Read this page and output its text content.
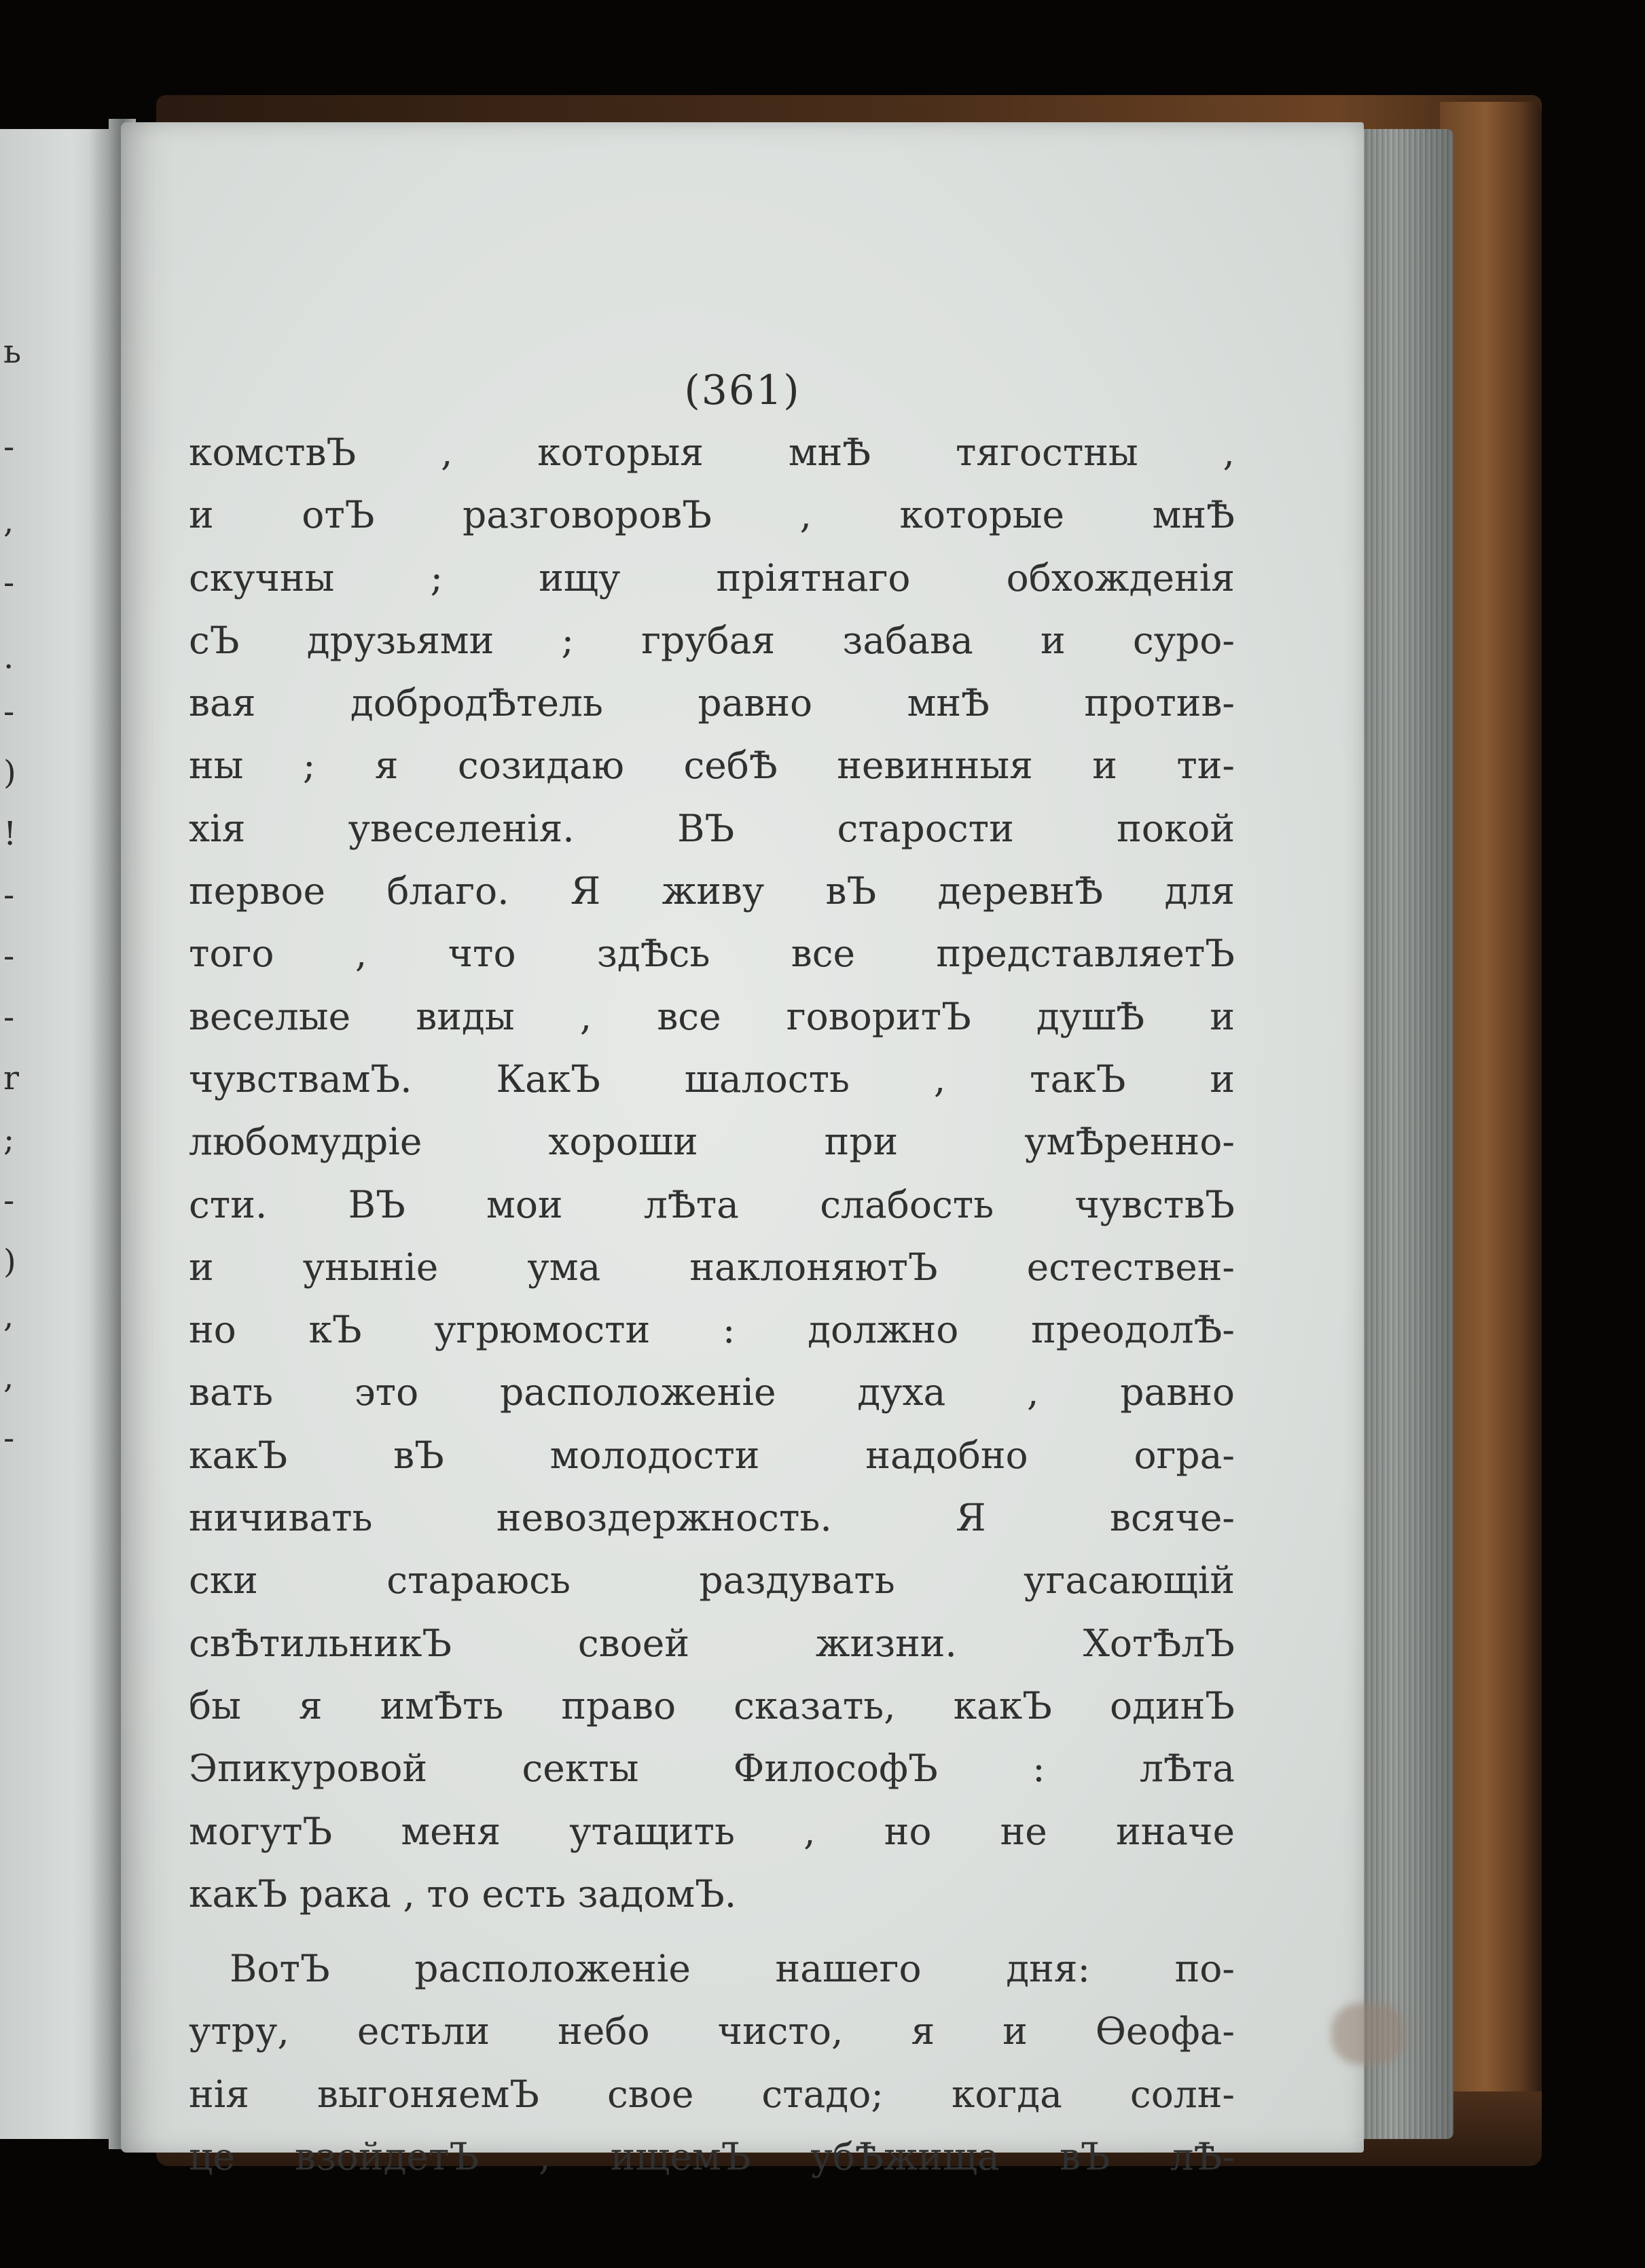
ь
-
,
-
.
-
)
!
-
-
-
r
;
-
)
,
,
-
(361)
комствЪ , которыя мнѢ тягостны ,
и отЪ разговоровЪ , которые мнѢ
скучны ; ищу пріятнаго обхожденія
сЪ друзьями ; грубая забава и суро-
вая добродѢтель равно мнѢ против-
ны ; я созидаю себѢ невинныя и ти-
хія увеселенія. ВЪ старости покой
первое благо. Я живу вЪ деревнѢ для
того , что здѢсь все представляетЪ
веселые виды , все говоритЪ душѢ и
чувствамЪ. КакЪ шалость , такЪ и
любомудріе хороши при умѢренно-
сти. ВЪ мои лѢта слабость чувствЪ
и уныніе ума наклоняютЪ естествен-
но кЪ угрюмости : должно преодолѢ-
вать это расположеніе духа , равно
какЪ вЪ молодости надобно огра-
ничивать невоздержность. Я всяче-
ски стараюсь раздувать угасающій
свѢтильникЪ своей жизни. ХотѢлЪ
бы я имѢть право сказать, какЪ одинЪ
Эпикуровой секты ФилософЪ : лѢта
могутЪ меня утащить , но не иначе
какЪ рака , то есть задомЪ.
ВотЪ расположеніе нашего дня: по-
утру, естьли небо чисто, я и Ѳеофа-
нія выгоняемЪ свое стадо; когда солн-
це взойдетЪ , ищемЪ убѢжища вЪ лѢ-
